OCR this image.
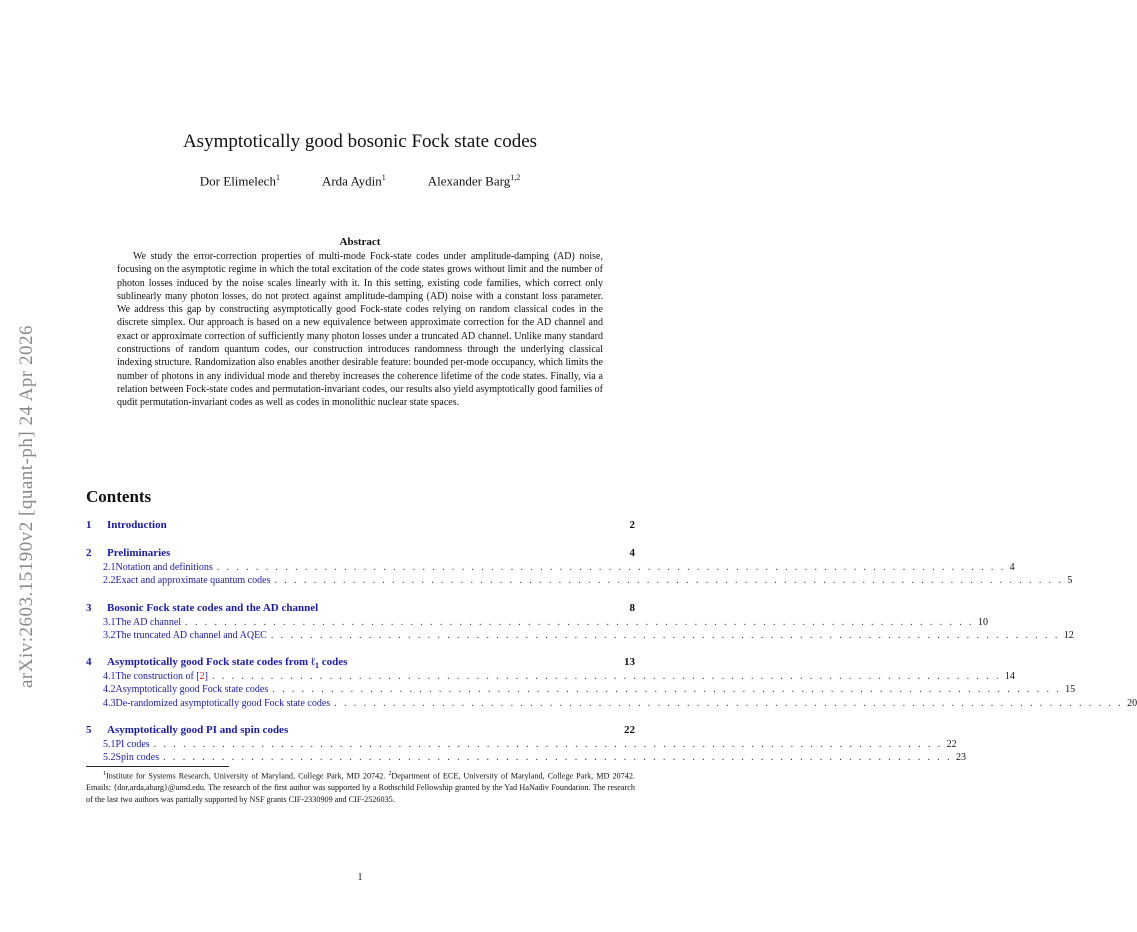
arXiv:2603.15190v2 [quant-ph] 24 Apr 2026
Asymptotically good bosonic Fock state codes
Dor Elimelech$^1$	Arda Aydin$^1$	Alexander Barg$^{1,2}$
Abstract
We study the error-correction properties of multi-mode Fock-state codes under amplitude-damping (AD) noise, focusing on the asymptotic regime in which the total excitation of the code states grows without limit and the number of photon losses induced by the noise scales linearly with it. In this setting, existing code families, which correct only sublinearly many photon losses, do not protect against amplitude-damping (AD) noise with a constant loss parameter. We address this gap by constructing asymptotically good Fock-state codes relying on random classical codes in the discrete simplex. Our approach is based on a new equivalence between approximate correction for the AD channel and exact or approximate correction of sufficiently many photon losses under a truncated AD channel. Unlike many standard constructions of random quantum codes, our construction introduces randomness through the underlying classical indexing structure. Randomization also enables another desirable feature: bounded per-mode occupancy, which limits the number of photons in any individual mode and thereby increases the coherence lifetime of the code states. Finally, via a relation between Fock-state codes and permutation-invariant codes, our results also yield asymptotically good families of qudit permutation-invariant codes as well as codes in monolithic nuclear state spaces.
Contents
1	Introduction	2
2	Preliminaries	4
2.1 Notation and definitions . . . . . . . . . . . . . . . . . . . . . . . . . . . . . . . . . . . . . . . . . . . . . . . . . . . . . . . . . . . . . . . . . . . . . . . . . . . . . . . . . 4
2.2 Exact and approximate quantum codes . . . . . . . . . . . . . . . . . . . . . . . . . . . . . . . . . . . . . . . . . . . . . . . . . . . . . . . . . . . . . . . . . . . . . . . . . . . . . . . . . 5
3	Bosonic Fock state codes and the AD channel	8
3.1 The AD channel . . . . . . . . . . . . . . . . . . . . . . . . . . . . . . . . . . . . . . . . . . . . . . . . . . . . . . . . . . . . . . . . . . . . . . . . . . . . . . . . . 10
3.2 The truncated AD channel and AQEC . . . . . . . . . . . . . . . . . . . . . . . . . . . . . . . . . . . . . . . . . . . . . . . . . . . . . . . . . . . . . . . . . . . . . . . . . . . . . . . . . 12
4	Asymptotically good Fock state codes from ℓ$_1$ codes	13
4.1 The construction of [2] . . . . . . . . . . . . . . . . . . . . . . . . . . . . . . . . . . . . . . . . . . . . . . . . . . . . . . . . . . . . . . . . . . . . . . . . . . . . . . . . . 14
4.2 Asymptotically good Fock state codes . . . . . . . . . . . . . . . . . . . . . . . . . . . . . . . . . . . . . . . . . . . . . . . . . . . . . . . . . . . . . . . . . . . . . . . . . . . . . . . . . 15
4.3 De-randomized asymptotically good Fock state codes . . . . . . . . . . . . . . . . . . . . . . . . . . . . . . . . . . . . . . . . . . . . . . . . . . . . . . . . . . . . . . . . . . . . . . . . . . . . . . . . . 20
5	Asymptotically good PI and spin codes	22
5.1 PI codes . . . . . . . . . . . . . . . . . . . . . . . . . . . . . . . . . . . . . . . . . . . . . . . . . . . . . . . . . . . . . . . . . . . . . . . . . . . . . . . . . 22
5.2 Spin codes . . . . . . . . . . . . . . . . . . . . . . . . . . . . . . . . . . . . . . . . . . . . . . . . . . . . . . . . . . . . . . . . . . . . . . . . . . . . . . . . . 23
$^1$Institute for Systems Research, University of Maryland, College Park, MD 20742. $^2$Department of ECE, University of Maryland, College Park, MD 20742. Emails: {dor,arda,abarg}@umd.edu. The research of the first author was supported by a Rothschild Fellowship granted by the Yad HaNadiv Foundation. The research of the last two authors was partially supported by NSF grants CIF-2330909 and CIF-2526035.
1
